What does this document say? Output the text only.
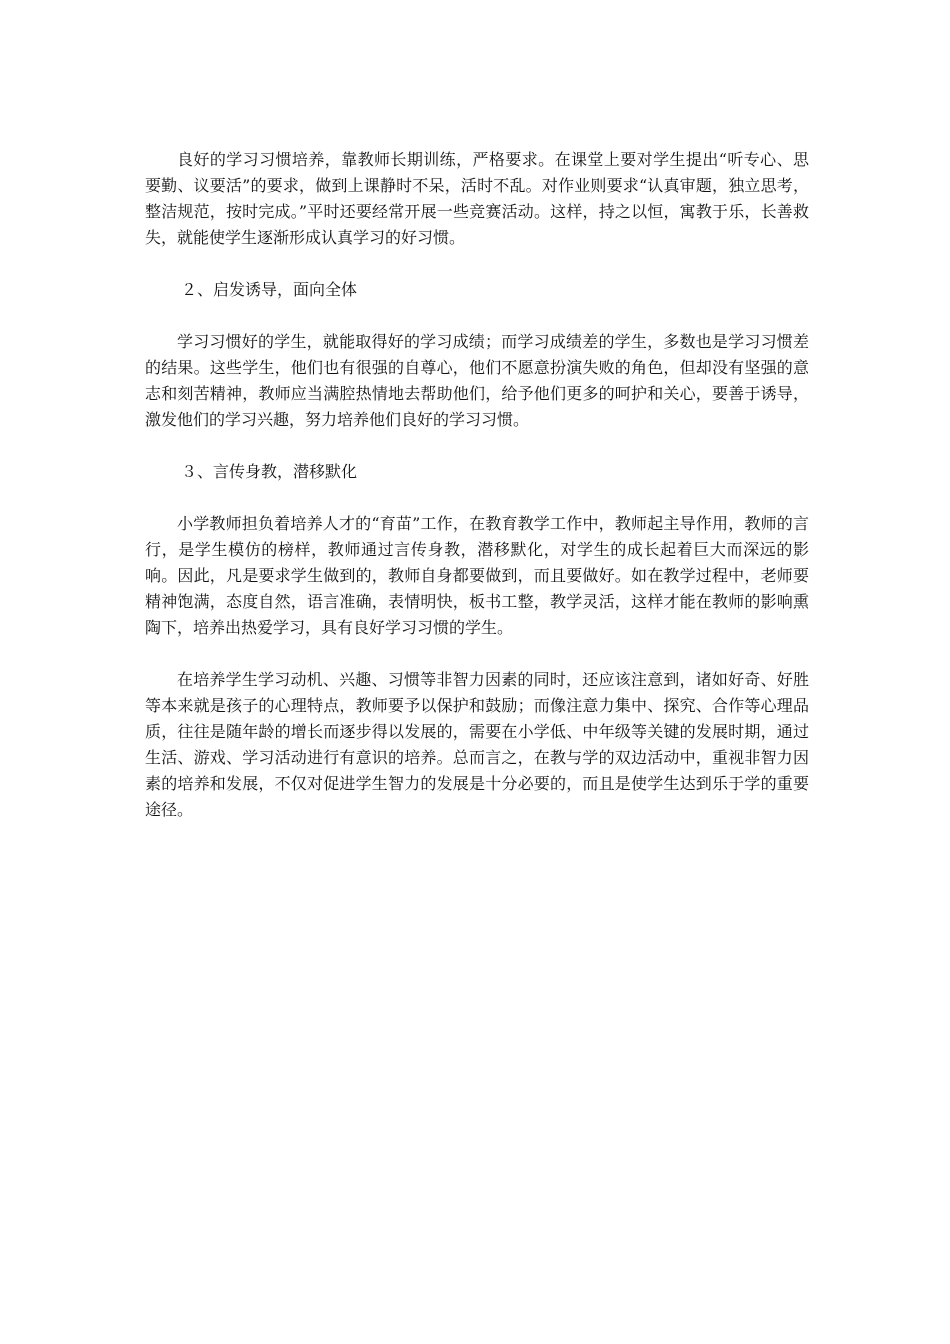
良好的学习习惯培养，靠教师长期训练，严格要求。在课堂上要对学生提出“听专心、思要勤、议要活”的要求，做到上课静时不呆，活时不乱。对作业则要求“认真审题，独立思考，整洁规范，按时完成。”平时还要经常开展一些竞赛活动。这样，持之以恒，寓教于乐，长善救失，就能使学生逐渐形成认真学习的好习惯。

２、启发诱导，面向全体

学习习惯好的学生，就能取得好的学习成绩；而学习成绩差的学生，多数也是学习习惯差的结果。这些学生，他们也有很强的自尊心，他们不愿意扮演失败的角色，但却没有坚强的意志和刻苦精神，教师应当满腔热情地去帮助他们，给予他们更多的呵护和关心，要善于诱导，激发他们的学习兴趣，努力培养他们良好的学习习惯。

３、言传身教，潜移默化

小学教师担负着培养人才的“育苗”工作，在教育教学工作中，教师起主导作用，教师的言行，是学生模仿的榜样，教师通过言传身教，潜移默化，对学生的成长起着巨大而深远的影响。因此，凡是要求学生做到的，教师自身都要做到，而且要做好。如在教学过程中，老师要精神饱满，态度自然，语言准确，表情明快，板书工整，教学灵活，这样才能在教师的影响熏陶下，培养出热爱学习，具有良好学习习惯的学生。

在培养学生学习动机、兴趣、习惯等非智力因素的同时，还应该注意到，诸如好奇、好胜等本来就是孩子的心理特点，教师要予以保护和鼓励；而像注意力集中、探究、合作等心理品质，往往是随年龄的增长而逐步得以发展的，需要在小学低、中年级等关键的发展时期，通过生活、游戏、学习活动进行有意识的培养。总而言之，在教与学的双边活动中，重视非智力因素的培养和发展，不仅对促进学生智力的发展是十分必要的，而且是使学生达到乐于学的重要途径。
